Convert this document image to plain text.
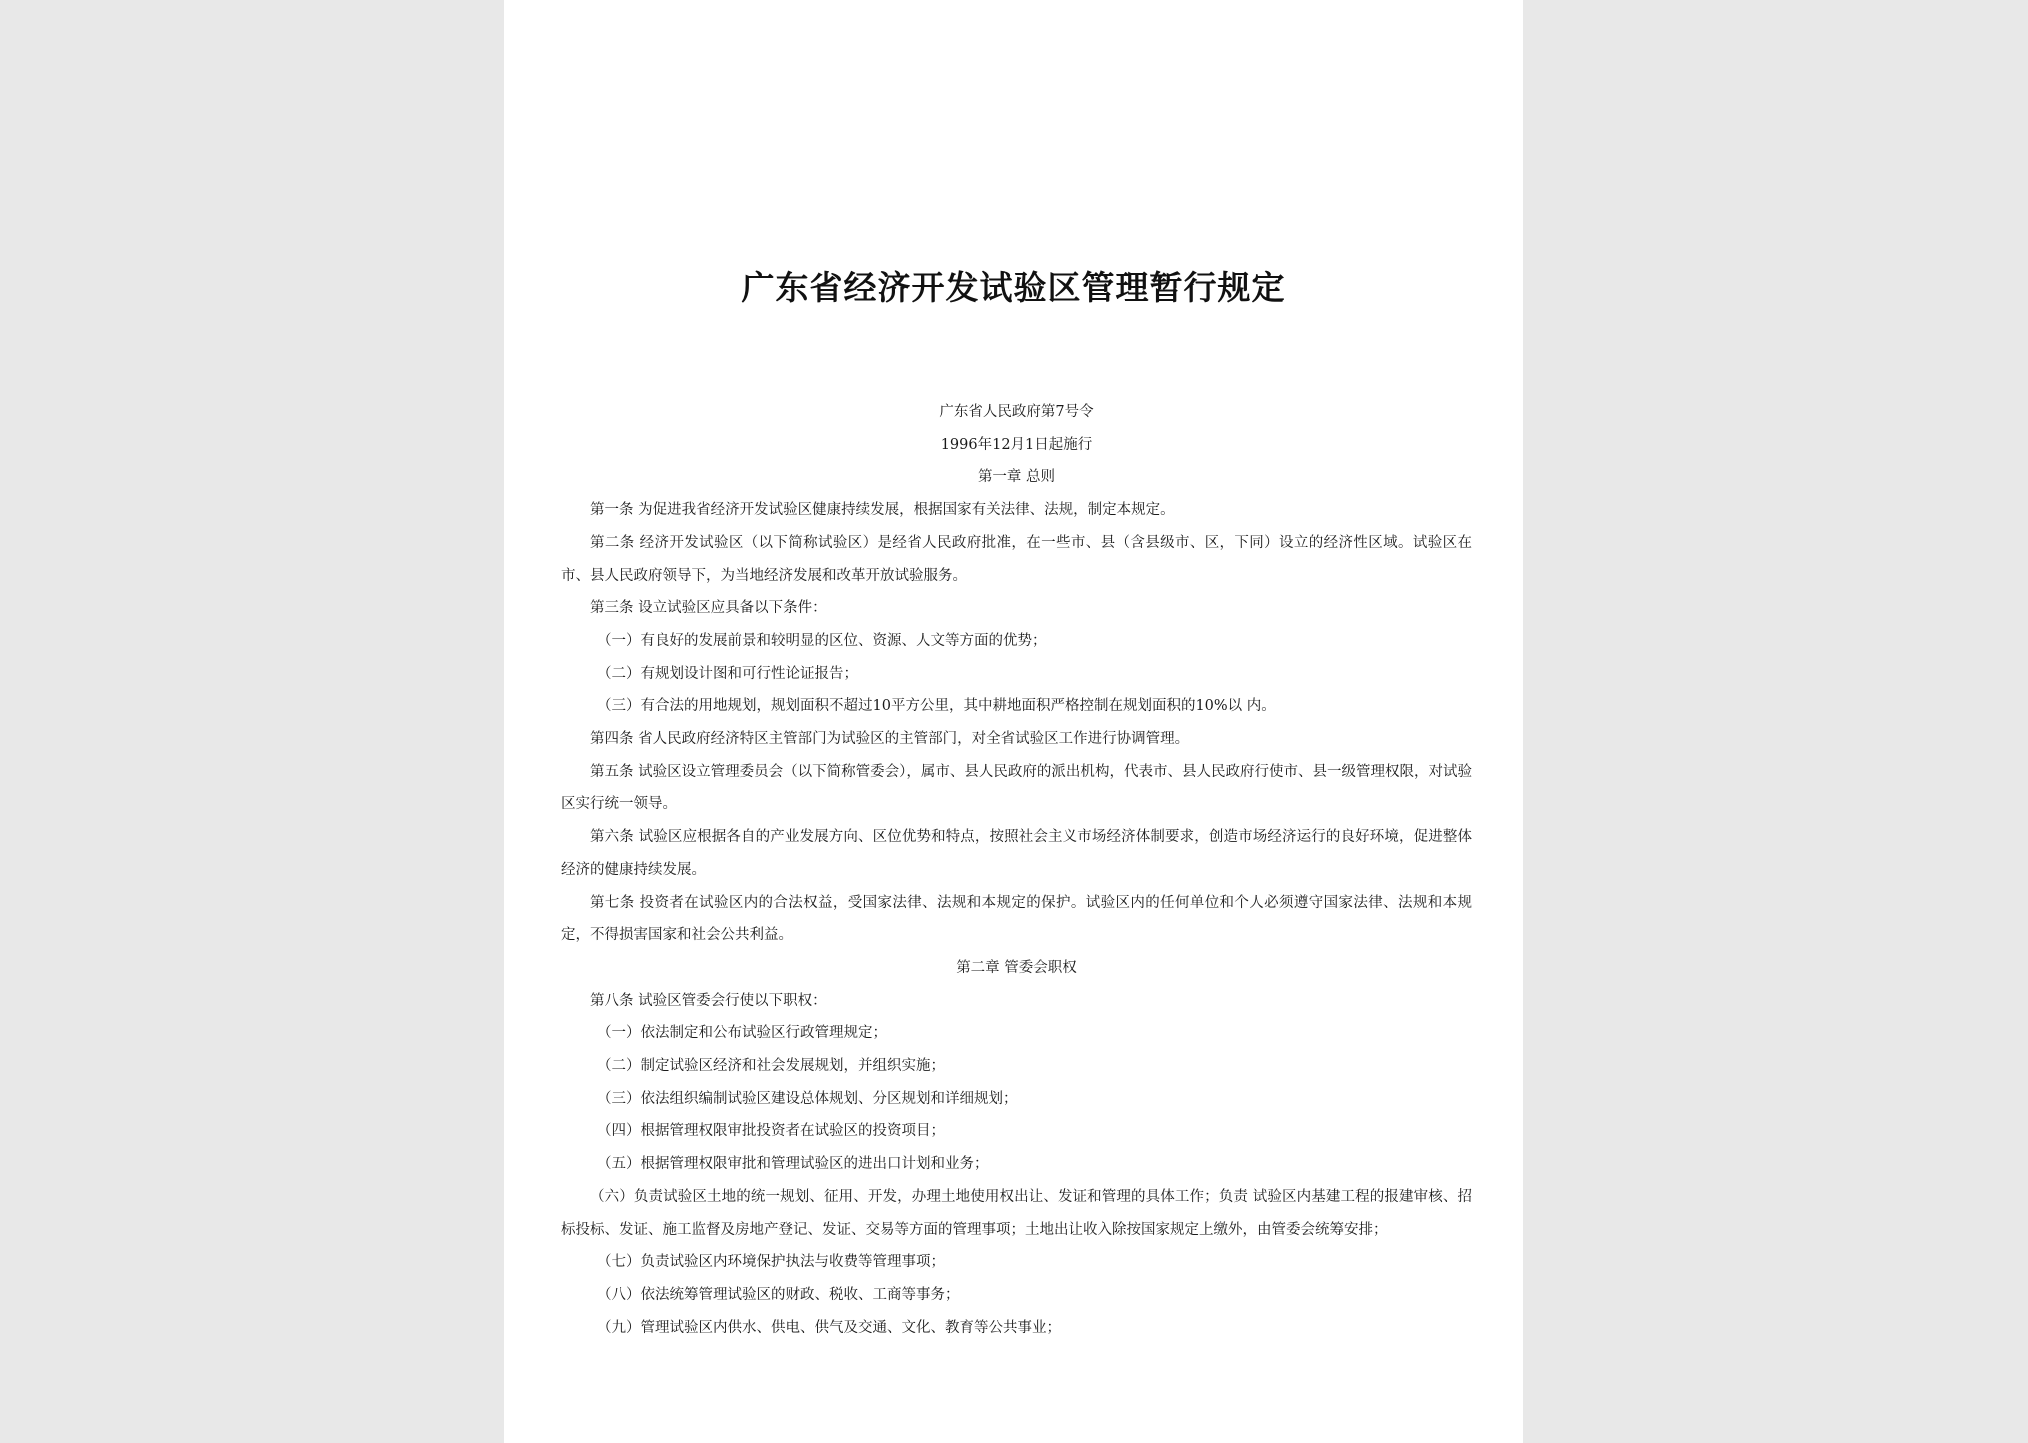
广东省经济开发试验区管理暂行规定

广东省人民政府第7号令

1996年12月1日起施行

第一章 总则

第一条 为促进我省经济开发试验区健康持续发展，根据国家有关法律、法规，制定本规定。

第二条 经济开发试验区（以下简称试验区）是经省人民政府批准，在一些市、县（含县级市、区，下同）设立的经济性区域。试验区在市、县人民政府领导下，为当地经济发展和改革开放试验服务。

第三条 设立试验区应具备以下条件：

（一）有良好的发展前景和较明显的区位、资源、人文等方面的优势；

（二）有规划设计图和可行性论证报告；

（三）有合法的用地规划，规划面积不超过10平方公里，其中耕地面积严格控制在规划面积的10%以 内。

第四条 省人民政府经济特区主管部门为试验区的主管部门，对全省试验区工作进行协调管理。

第五条 试验区设立管理委员会（以下简称管委会），属市、县人民政府的派出机构，代表市、县人民政府行使市、县一级管理权限，对试验区实行统一领导。

第六条 试验区应根据各自的产业发展方向、区位优势和特点，按照社会主义市场经济体制要求，创造市场经济运行的良好环境，促进整体经济的健康持续发展。

第七条 投资者在试验区内的合法权益，受国家法律、法规和本规定的保护。试验区内的任何单位和个人必须遵守国家法律、法规和本规定，不得损害国家和社会公共利益。

第二章 管委会职权

第八条 试验区管委会行使以下职权：

（一）依法制定和公布试验区行政管理规定；

（二）制定试验区经济和社会发展规划，并组织实施；

（三）依法组织编制试验区建设总体规划、分区规划和详细规划；

（四）根据管理权限审批投资者在试验区的投资项目；

（五）根据管理权限审批和管理试验区的进出口计划和业务；

（六）负责试验区土地的统一规划、征用、开发，办理土地使用权出让、发证和管理的具体工作；负责 试验区内基建工程的报建审核、招标投标、发证、施工监督及房地产登记、发证、交易等方面的管理事项；土地出让收入除按国家规定上缴外，由管委会统筹安排；

（七）负责试验区内环境保护执法与收费等管理事项；

（八）依法统筹管理试验区的财政、税收、工商等事务；

（九）管理试验区内供水、供电、供气及交通、文化、教育等公共事业；
